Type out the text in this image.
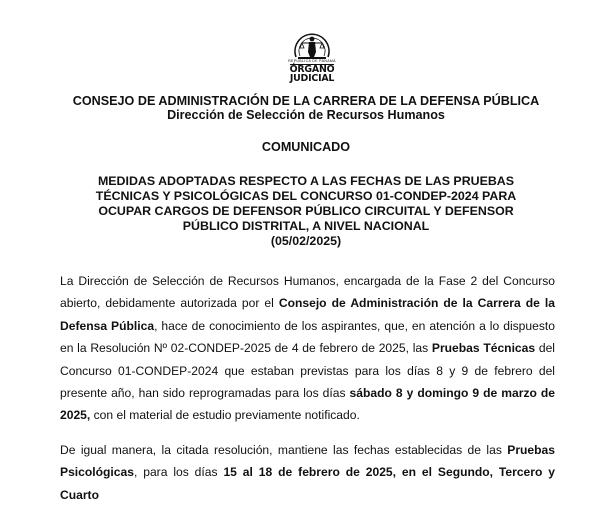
REPÚBLICA DE PANAMÁ
ÓRGANO
JUDICIAL
CONSEJO DE ADMINISTRACIÓN DE LA CARRERA DE LA DEFENSA PÚBLICA
Dirección de Selección de Recursos Humanos
COMUNICADO
MEDIDAS ADOPTADAS RESPECTO A LAS FECHAS DE LAS PRUEBAS
TÉCNICAS Y PSICOLÓGICAS DEL CONCURSO 01-CONDEP-2024 PARA
OCUPAR CARGOS DE DEFENSOR PÚBLICO CIRCUITAL Y DEFENSOR
PÚBLICO DISTRITAL, A NIVEL NACIONAL
(05/02/2025)
La Dirección de Selección de Recursos Humanos, encargada de la Fase 2 del Concurso abierto, debidamente autorizada por el Consejo de Administración de la Carrera de la Defensa Pública, hace de conocimiento de los aspirantes, que, en atención a lo dispuesto en la Resolución Nº 02-CONDEP-2025 de 4 de febrero de 2025, las Pruebas Técnicas del Concurso 01-CONDEP-2024 que estaban previstas para los días 8 y 9 de febrero del presente año, han sido reprogramadas para los días sábado 8 y domingo 9 de marzo de 2025, con el material de estudio previamente notificado.
De igual manera, la citada resolución, mantiene las fechas establecidas de las Pruebas Psicológicas, para los días 15 al 18 de febrero de 2025, en el Segundo, Tercero y Cuarto
